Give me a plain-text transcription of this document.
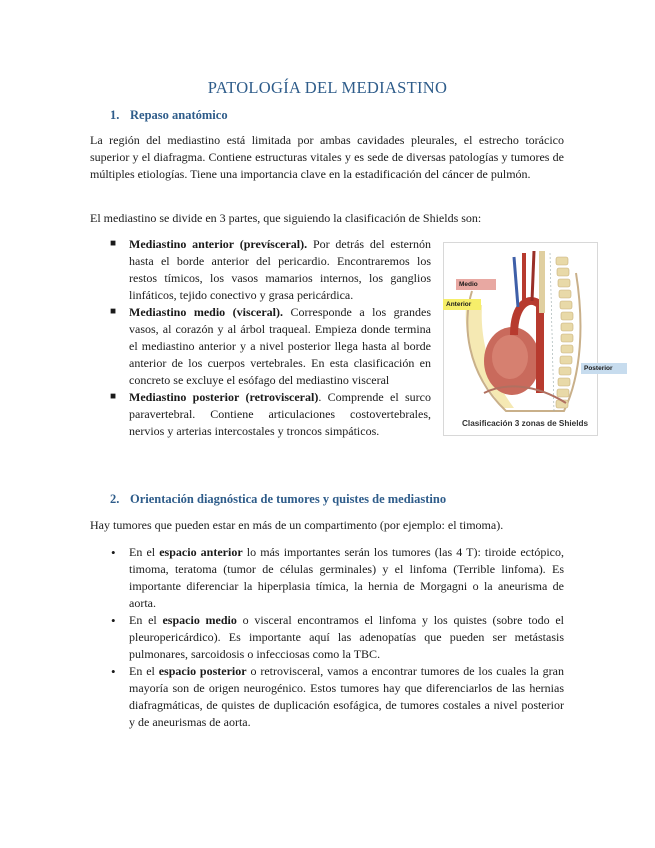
PATOLOGÍA DEL MEDIASTINO
1. Repaso anatómico

La región del mediastino está limitada por ambas cavidades pleurales, el estrecho torácico superior y el diafragma. Contiene estructuras vitales y es sede de diversas patologías y tumores de múltiples etiologías. Tiene una importancia clave en la estadificación del cáncer de pulmón.

El mediastino se divide en 3 partes, que siguiendo la clasificación de Shields son:

■ Mediastino anterior (prevísceral). Por detrás del esternón hasta el borde anterior del pericardio. Encontraremos los restos tímicos, los vasos mamarios internos, los ganglios linfáticos, tejido conectivo y grasa pericárdica.
■ Mediastino medio (visceral). Corresponde a los grandes vasos, al corazón y al árbol traqueal. Empieza donde termina el mediastino anterior y a nivel posterior llega hasta al borde anterior de los cuerpos vertebrales. En esta clasificación en concreto se excluye el esófago del mediastino visceral
■ Mediastino posterior (retrovisceral). Comprende el surco paravertebral. Contiene articulaciones costovertebrales, nervios y arterias intercostales y troncos simpáticos.
Medio
Anterior
Posterior
Clasificación 3 zonas de Shields
2. Orientación diagnóstica de tumores y quistes de mediastino

Hay tumores que pueden estar en más de un compartimento (por ejemplo: el timoma).

• En el espacio anterior lo más importantes serán los tumores (las 4 T): tiroide ectópico, timoma, teratoma (tumor de células germinales) y el linfoma (Terrible linfoma). Es importante diferenciar la hiperplasia tímica, la hernia de Morgagni o la aneurisma de aorta.
• En el espacio medio o visceral encontramos el linfoma y los quistes (sobre todo el pleuropericárdico). Es importante aquí las adenopatías que pueden ser metástasis pulmonares, sarcoidosis o infecciosas como la TBC.
• En el espacio posterior o retrovisceral, vamos a encontrar tumores de los cuales la gran mayoría son de origen neurogénico. Estos tumores hay que diferenciarlos de las hernias diafragmáticas, de quistes de duplicación esofágica, de tumores costales a nivel posterior y de aneurismas de aorta.
